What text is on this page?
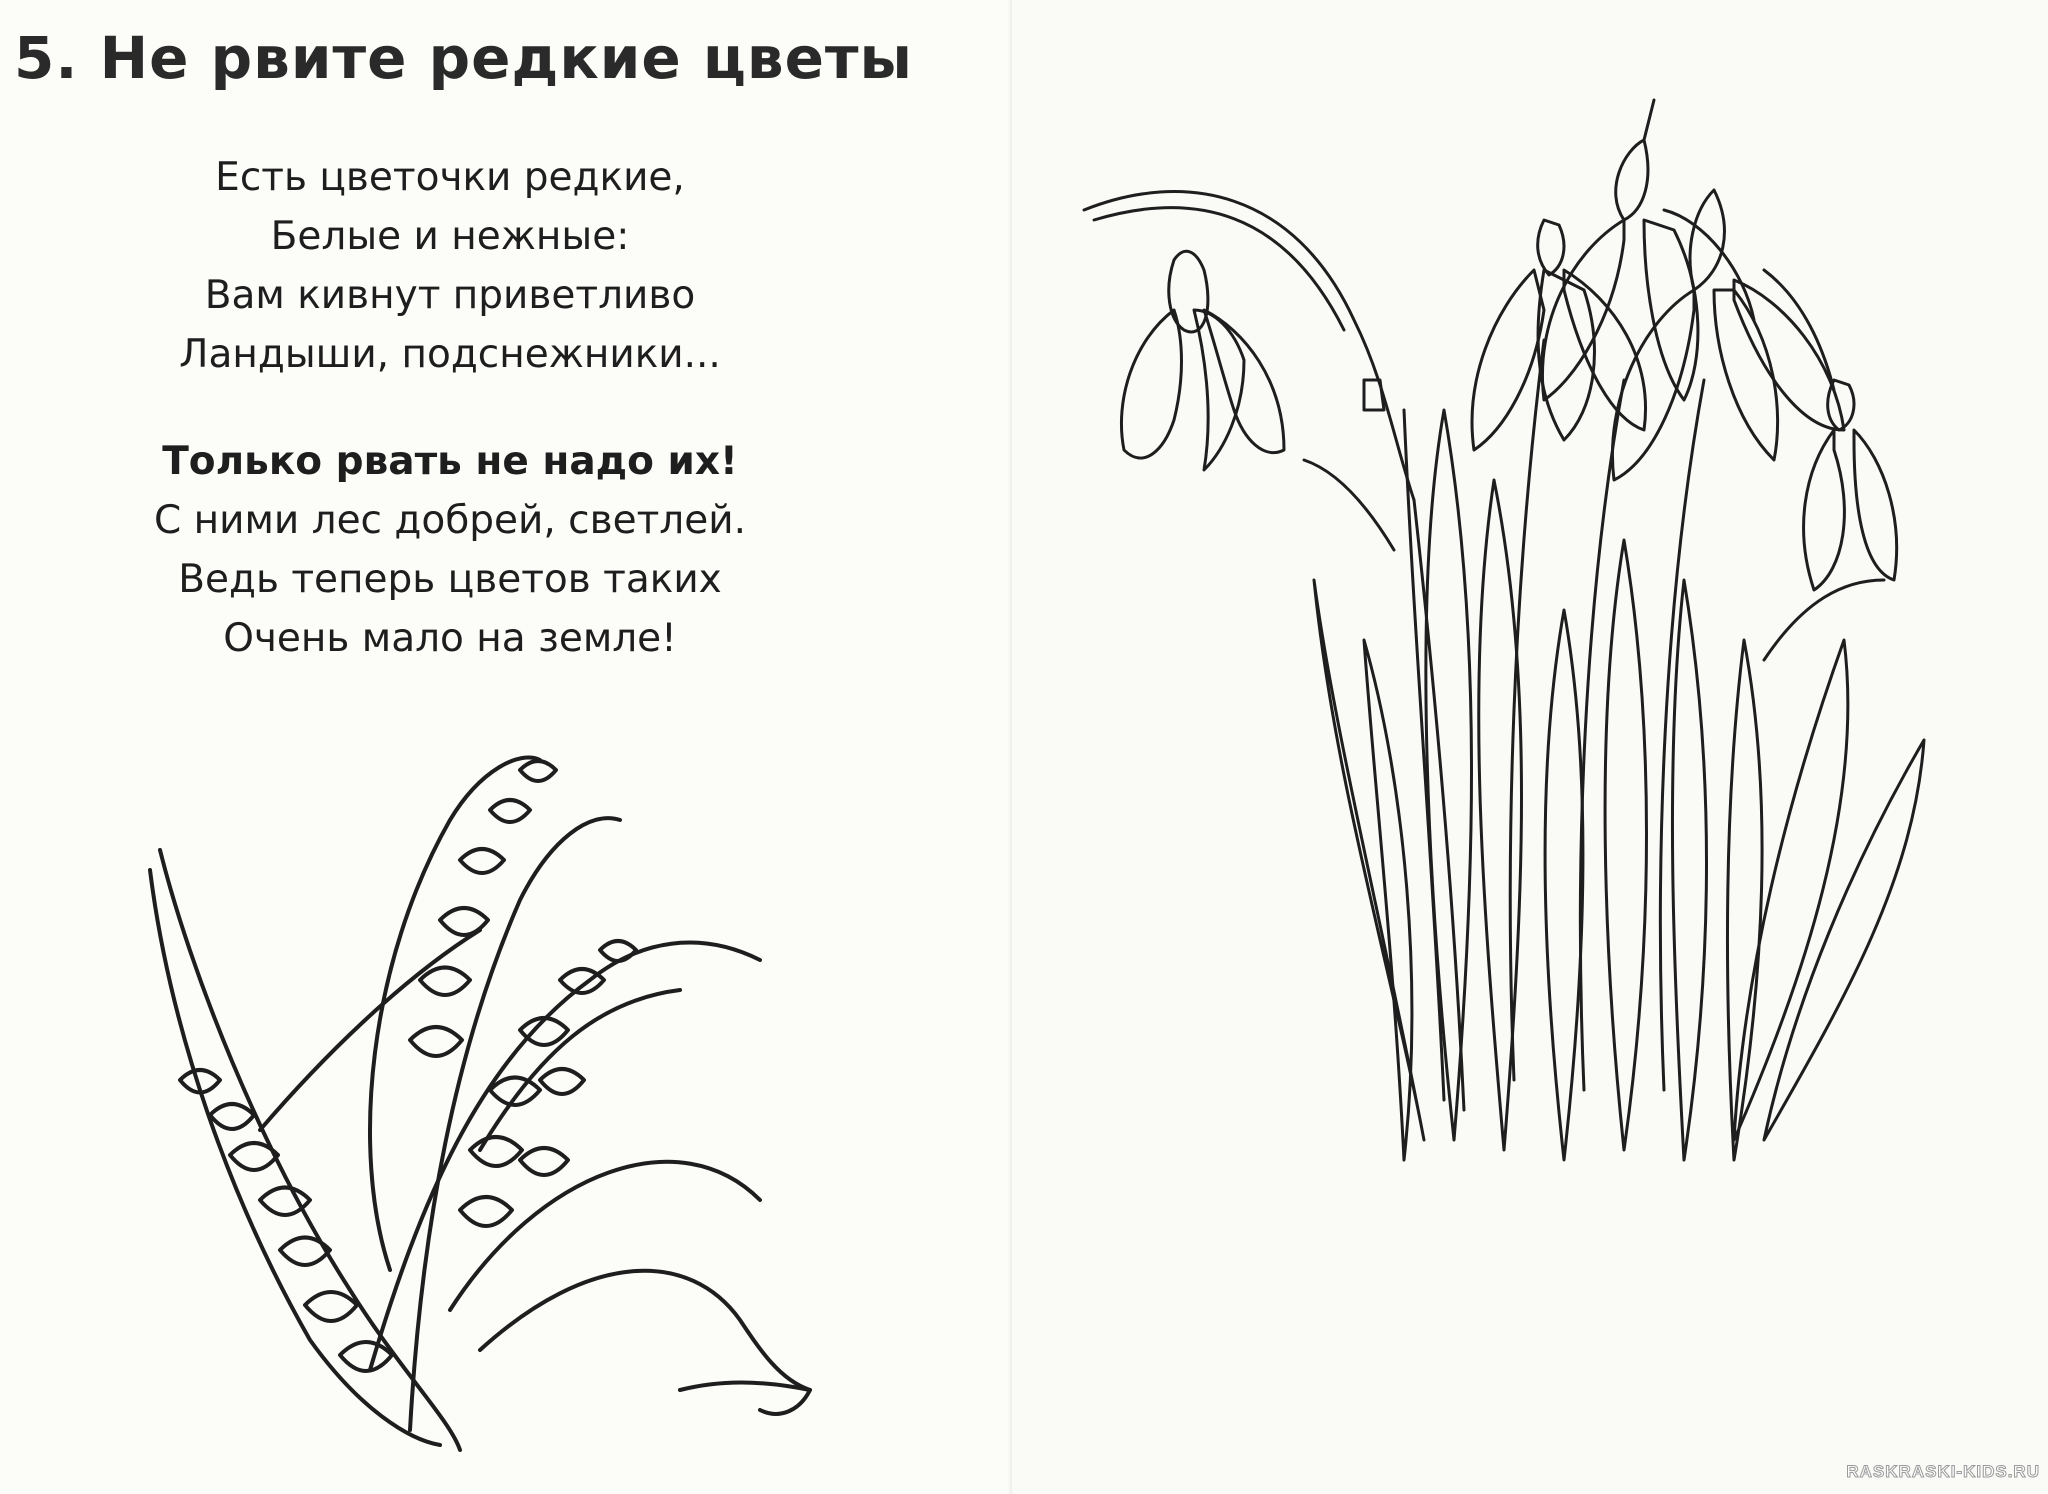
5. Не рвите редкие цветы

Есть цветочки редкие,
Белые и нежные:
Вам кивнут приветливо
Ландыши, подснежники...

Только рвать не надо их!
С ними лес добрей, светлей.
Ведь теперь цветов таких
Очень мало на земле!

RASKRASKI-KIDS.RU
